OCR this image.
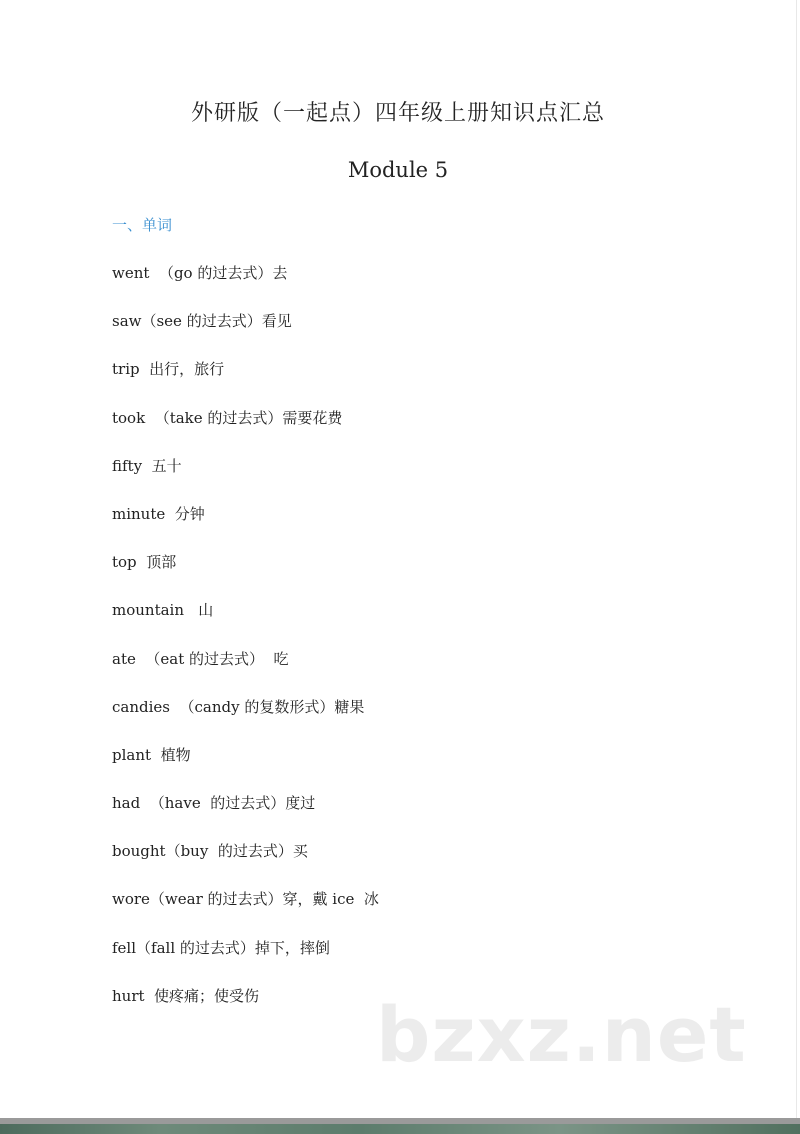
外研版（一起点）四年级上册知识点汇总
Module 5
一、单词
went  （go 的过去式）去
saw（see 的过去式）看见
trip  出行，旅行
took  （take 的过去式）需要花费
fifty  五十
minute  分钟
top  顶部
mountain   山
ate  （eat 的过去式）  吃
candies  （candy 的复数形式）糖果
plant  植物
had  （have  的过去式）度过
bought（buy  的过去式）买
wore（wear 的过去式）穿，戴 ice  冰
fell（fall 的过去式）掉下，摔倒
hurt  使疼痛；使受伤	bzxz.net
